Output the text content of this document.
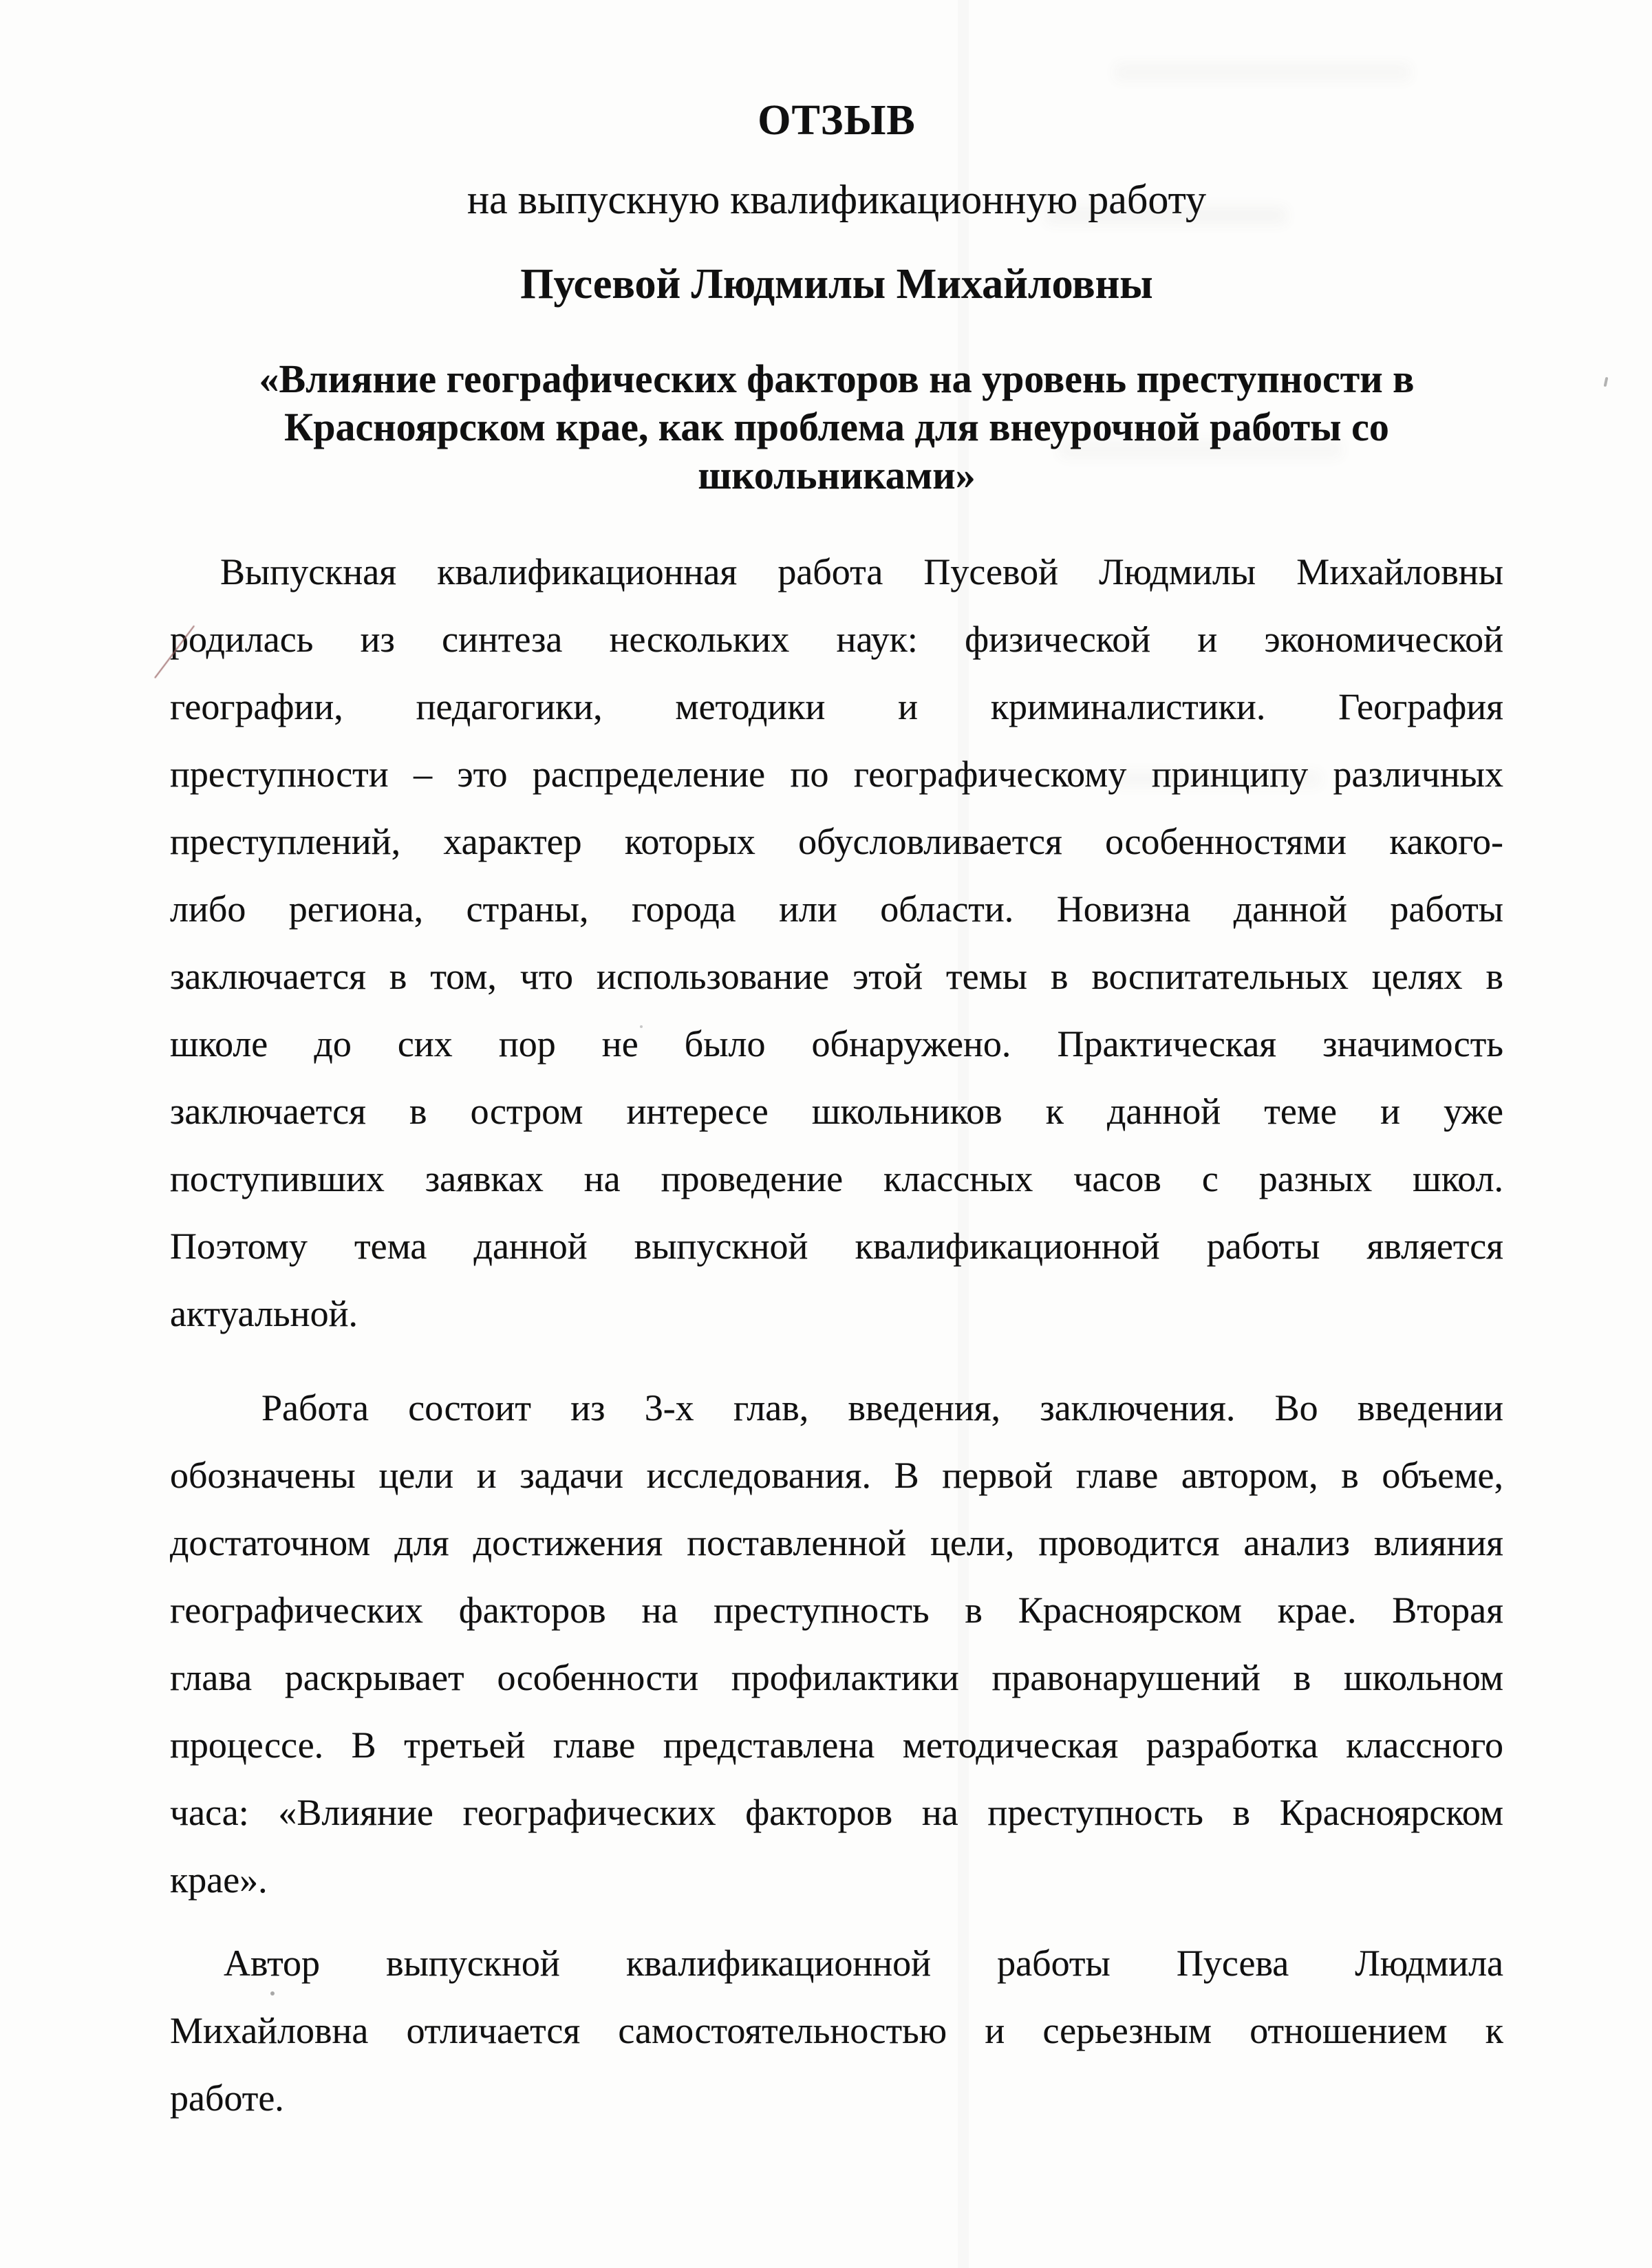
ОТЗЫВ
на выпускную квалификационную работу
Пусевой Людмилы Михайловны
«Влияние географических факторов на уровень преступности в
Красноярском крае, как проблема для внеурочной работы со
школьниками»
Выпускная квалификационная работа Пусевой Людмилы Михайловны
родилась из синтеза нескольких наук: физической и экономической
географии, педагогики, методики и криминалистики. География
преступности – это распределение по географическому принципу различных
преступлений, характер которых обусловливается особенностями какого-
либо региона, страны, города или области. Новизна данной работы
заключается в том, что использование этой темы в воспитательных целях в
школе до сих пор не было обнаружено. Практическая значимость
заключается в остром интересе школьников к данной теме и уже
поступивших заявках на проведение классных часов с разных школ.
Поэтому тема данной выпускной квалификационной работы является
актуальной.
Работа состоит из 3-х глав, введения, заключения. Во введении
обозначены цели и задачи исследования. В первой главе автором, в объеме,
достаточном для достижения поставленной цели, проводится анализ влияния
географических факторов на преступность в Красноярском крае. Вторая
глава раскрывает особенности профилактики правонарушений в школьном
процессе. В третьей главе представлена методическая разработка классного
часа: «Влияние географических факторов на преступность в Красноярском
крае».
Автор выпускной квалификационной работы Пусева Людмила
Михайловна отличается самостоятельностью и серьезным отношением к
работе.
